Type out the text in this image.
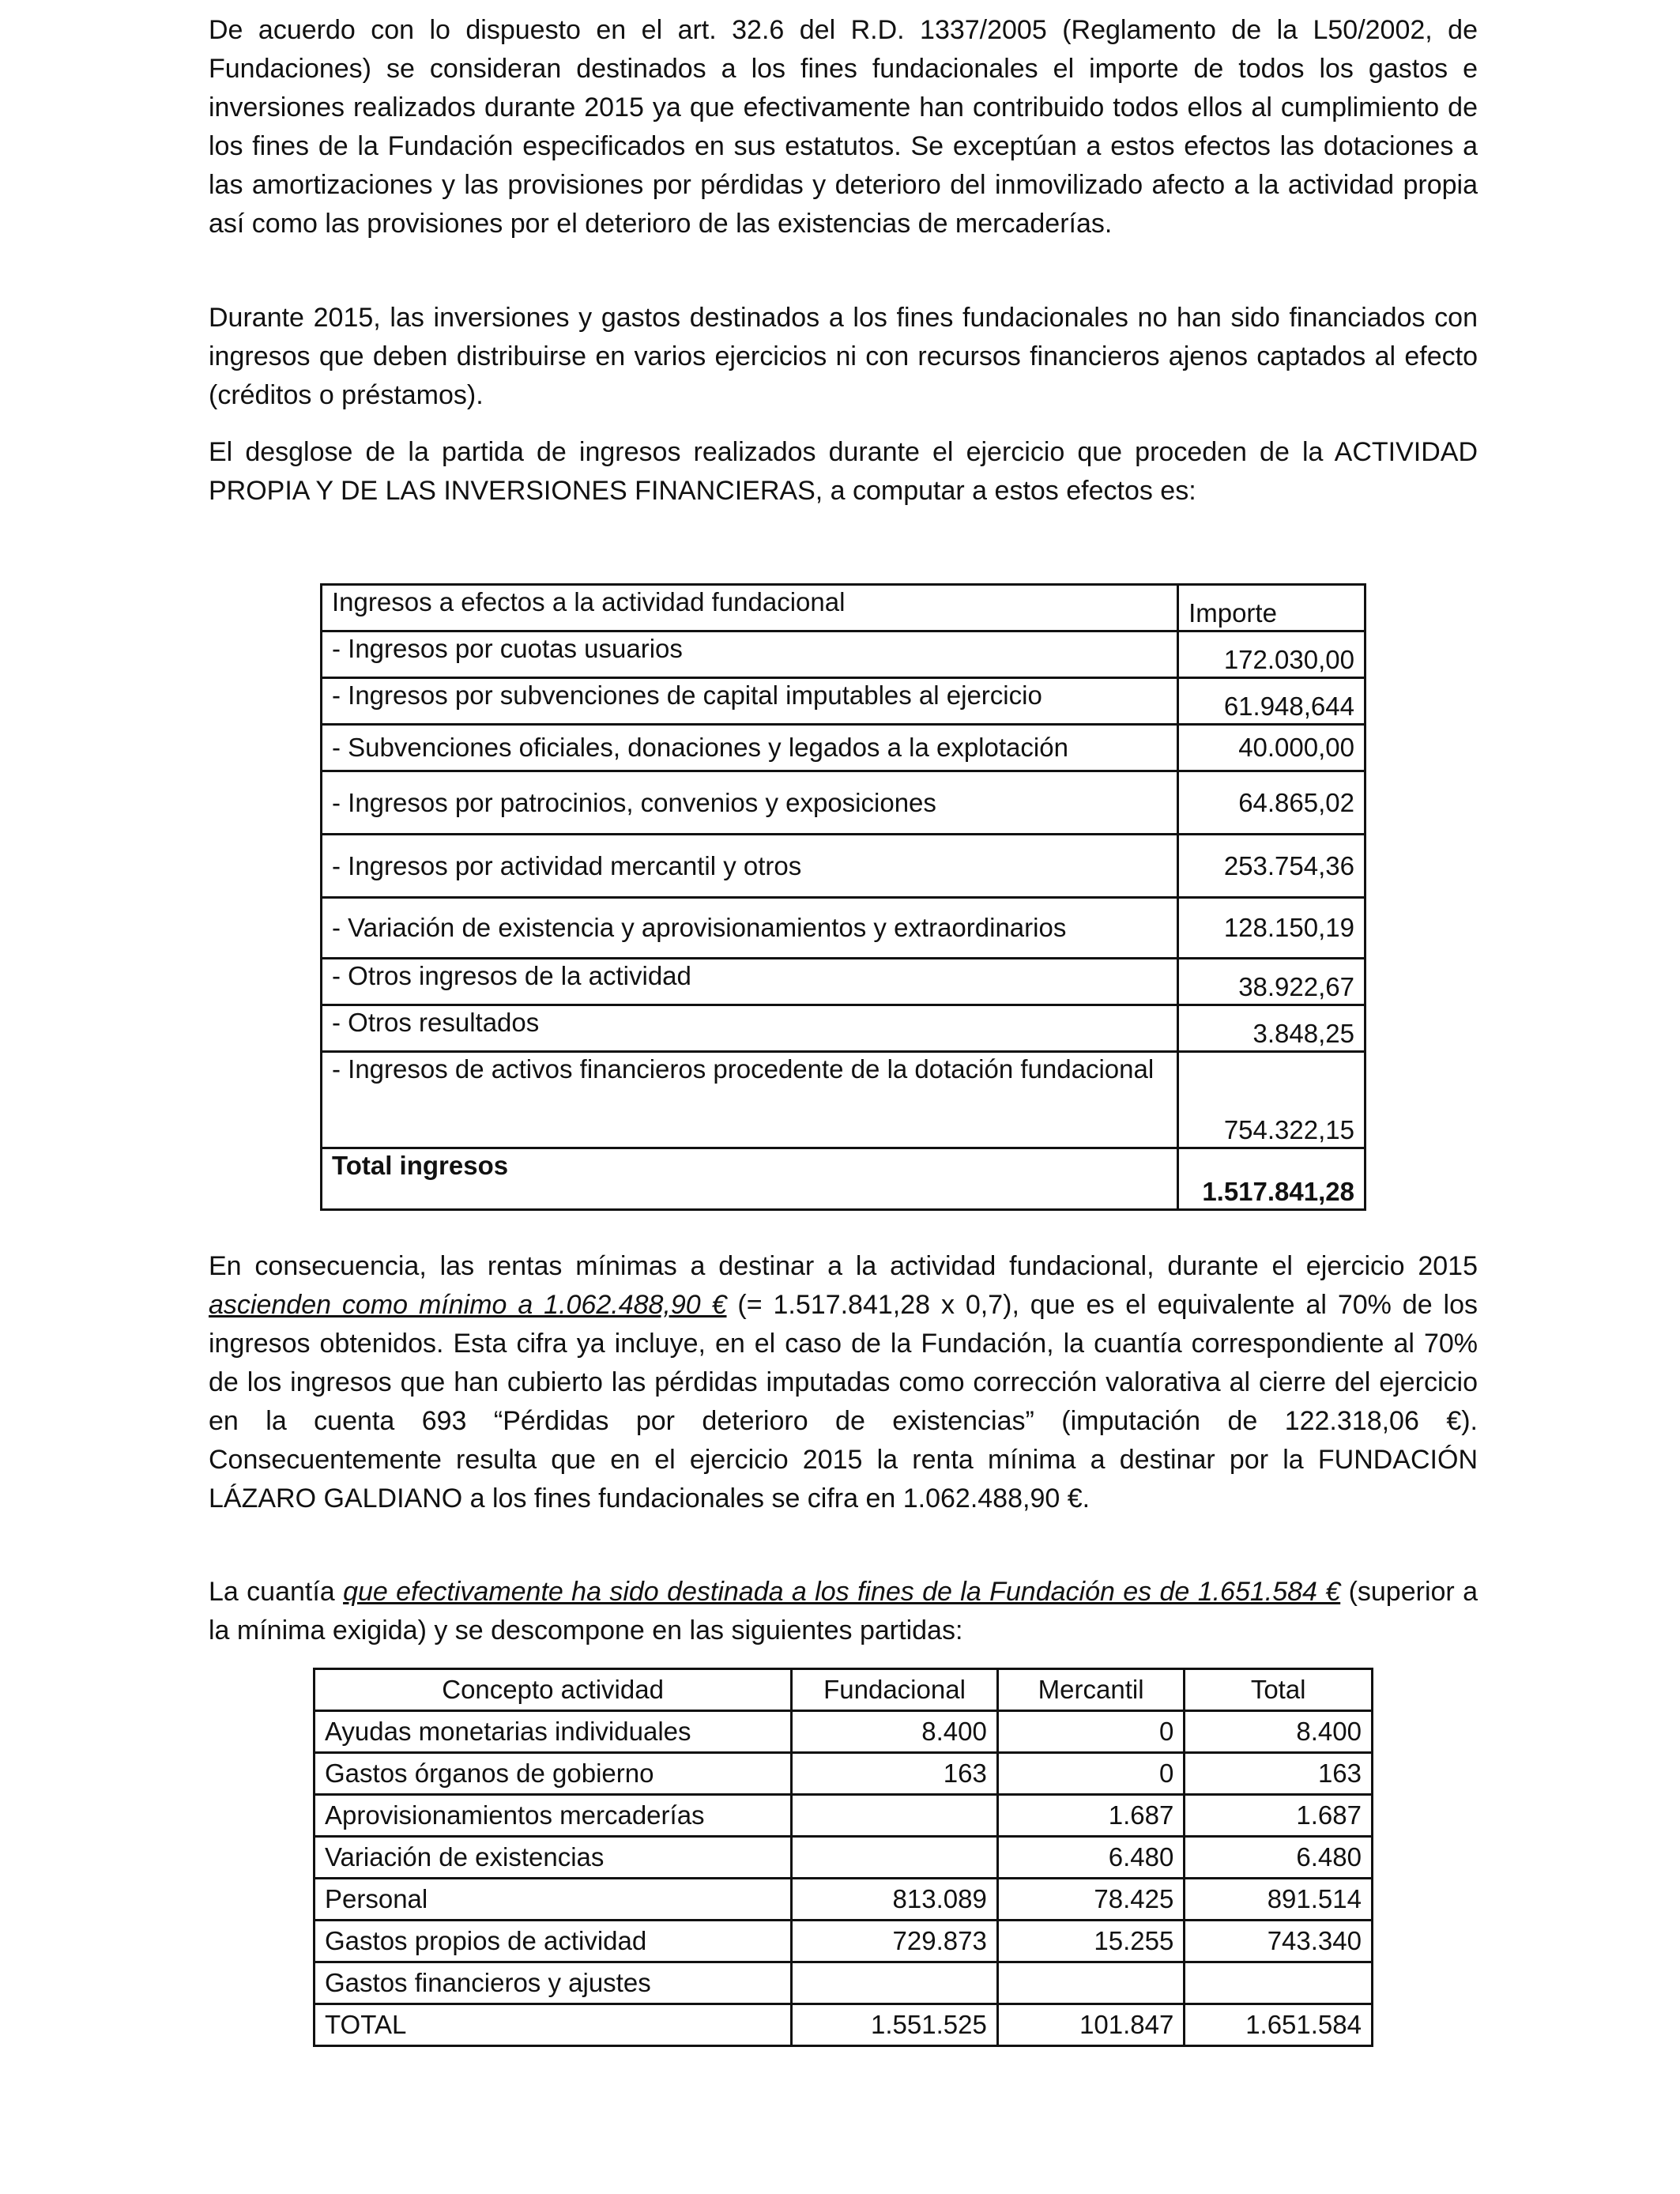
De acuerdo con lo dispuesto en el art. 32.6 del R.D. 1337/2005 (Reglamento de la L50/2002, de Fundaciones) se consideran destinados a los fines fundacionales el importe de todos los gastos e inversiones realizados durante 2015 ya que efectivamente han contribuido todos ellos al cumplimiento de los fines de la Fundación especificados en sus estatutos. Se exceptúan a estos efectos las dotaciones a las amortizaciones y las provisiones por pérdidas y deterioro del inmovilizado afecto a la actividad propia así como las provisiones por el deterioro de las existencias de mercaderías.

Durante 2015, las inversiones y gastos destinados a los fines fundacionales no han sido financiados con ingresos que deben distribuirse en varios ejercicios ni con recursos financieros ajenos captados al efecto (créditos o préstamos).

El desglose de la partida de ingresos realizados durante el ejercicio que proceden de la ACTIVIDAD PROPIA Y DE LAS INVERSIONES FINANCIERAS, a computar a estos efectos es:

Ingresos a efectos a la actividad fundacional	Importe
- Ingresos por cuotas usuarios	172.030,00
- Ingresos por subvenciones de capital imputables al ejercicio	61.948,644
- Subvenciones oficiales, donaciones y legados a la explotación	40.000,00
- Ingresos por patrocinios, convenios y exposiciones	64.865,02
- Ingresos por actividad mercantil y otros	253.754,36
- Variación de existencia y aprovisionamientos y extraordinarios	128.150,19
- Otros ingresos de la actividad	38.922,67
- Otros resultados	3.848,25
- Ingresos de activos financieros procedente de la dotación fundacional	754.322,15
Total ingresos	1.517.841,28

En consecuencia, las rentas mínimas a destinar a la actividad fundacional, durante el ejercicio 2015 ascienden como mínimo a 1.062.488,90 € (= 1.517.841,28 x 0,7), que es el equivalente al 70% de los ingresos obtenidos. Esta cifra ya incluye, en el caso de la Fundación, la cuantía correspondiente al 70% de los ingresos que han cubierto las pérdidas imputadas como corrección valorativa al cierre del ejercicio en la cuenta 693 “Pérdidas por deterioro de existencias” (imputación de 122.318,06 €). Consecuentemente resulta que en el ejercicio 2015 la renta mínima a destinar por la FUNDACIÓN LÁZARO GALDIANO a los fines fundacionales se cifra en 1.062.488,90 €.

La cuantía que efectivamente ha sido destinada a los fines de la Fundación es de 1.651.584 € (superior a la mínima exigida) y se descompone en las siguientes partidas:

Concepto actividad	Fundacional	Mercantil	Total
Ayudas monetarias individuales	8.400	0	8.400
Gastos órganos de gobierno	163	0	163
Aprovisionamientos mercaderías		1.687	1.687
Variación de existencias		6.480	6.480
Personal	813.089	78.425	891.514
Gastos propios de actividad	729.873	15.255	743.340
Gastos financieros y ajustes			
TOTAL	1.551.525	101.847	1.651.584
